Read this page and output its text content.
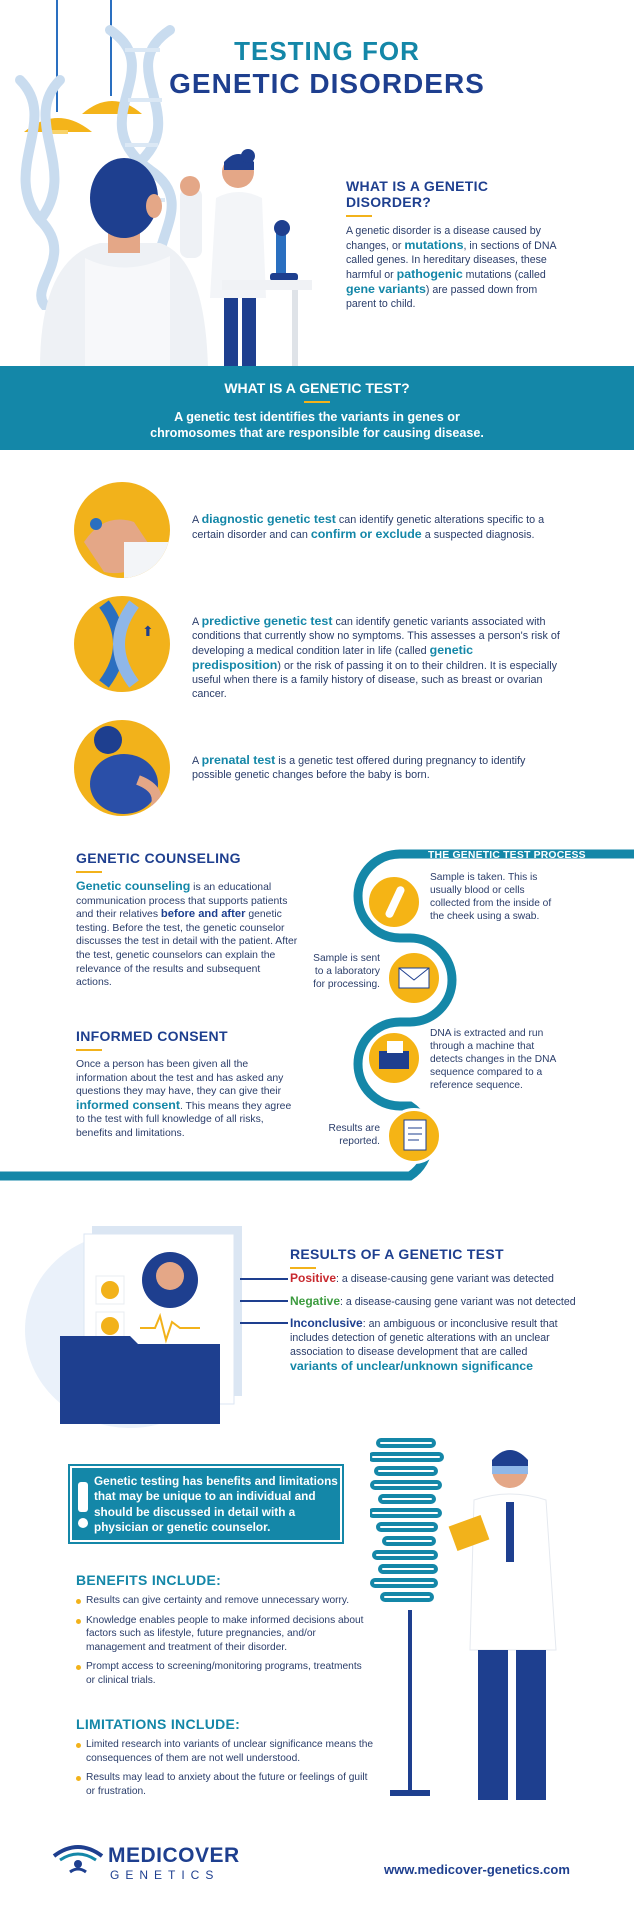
TESTING FOR
GENETIC DISORDERS
WHAT IS A GENETIC DISORDER?
A genetic disorder is a disease caused by changes, or mutations, in sections of DNA called genes. In hereditary diseases, these harmful or pathogenic mutations (called gene variants) are passed down from parent to child.
WHAT IS A GENETIC TEST?
A genetic test identifies the variants in genes or
chromosomes that are responsible for causing disease.
A diagnostic genetic test can identify genetic alterations specific to a certain disorder and can confirm or exclude a suspected diagnosis.
⬆
A predictive genetic test can identify genetic variants associated with conditions that currently show no symptoms. This assesses a person's risk of developing a medical condition later in life (called genetic predisposition) or the risk of passing it on to their children. It is especially useful when there is a family history of disease, such as breast or ovarian cancer.
A prenatal test is a genetic test offered during pregnancy to identify possible genetic changes before the baby is born.
GENETIC COUNSELING
Genetic counseling is an educational communication process that supports patients and their relatives before and after genetic testing. Before the test, the genetic counselor discusses the test in detail with the patient. After the test, genetic counselors can explain the relevance of the results and subsequent actions.
INFORMED CONSENT
Once a person has been given all the information about the test and has asked any questions they may have, they can give their informed consent. This means they agree to the test with full knowledge of all risks, benefits and limitations.
THE GENETIC TEST PROCESS
Sample is taken. This is usually blood or cells collected from the inside of the cheek using a swab.
Sample is sent to a laboratory for processing.
DNA is extracted and run through a machine that detects changes in the DNA sequence compared to a reference sequence.
Results are reported.
RESULTS OF A GENETIC TEST
Positive: a disease-causing gene variant was detected
Negative: a disease-causing gene variant was not detected
Inconclusive: an ambiguous or inconclusive result that includes detection of genetic alterations with an unclear association to disease development that are called variants of unclear/unknown significance
Genetic testing has benefits and limitations that may be unique to an individual and should be discussed in detail with a physician or genetic counselor.
BENEFITS INCLUDE:
Results can give certainty and remove unnecessary worry.
Knowledge enables people to make informed decisions about factors such as lifestyle, future pregnancies, and/or management and treatment of their disorder.
Prompt access to screening/monitoring programs, treatments or clinical trials.
LIMITATIONS INCLUDE:
Limited research into variants of unclear significance means the consequences of them are not well understood.
Results may lead to anxiety about the future or feelings of guilt or frustration.
MEDICOVER
GENETICS	www.medicover-genetics.com
